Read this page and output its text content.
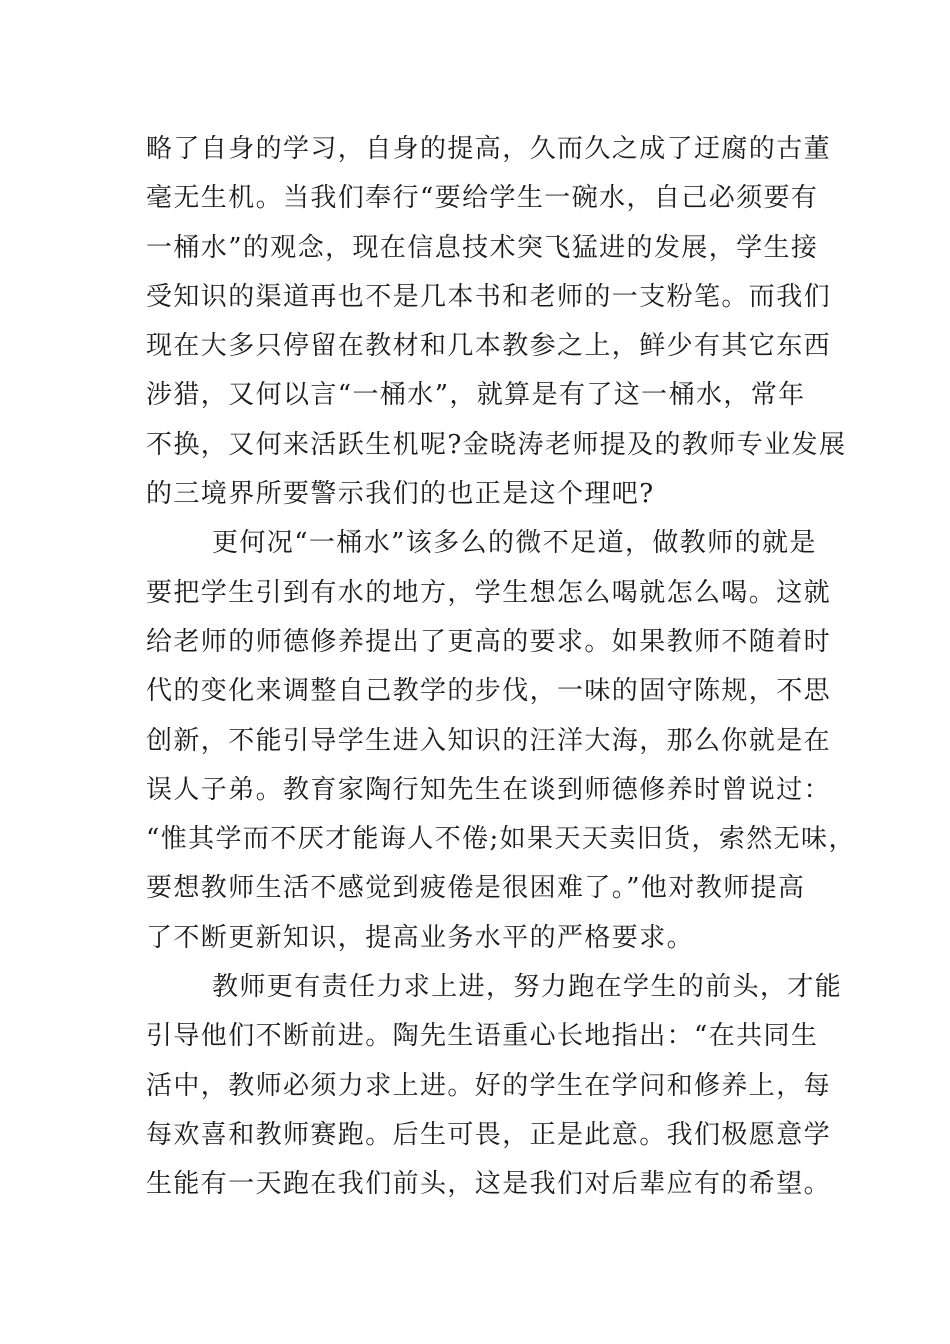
略了自身的学习，自身的提高，久而久之成了迂腐的古董
毫无生机。当我们奉行“要给学生一碗水，自己必须要有
一桶水”的观念，现在信息技术突飞猛进的发展，学生接
受知识的渠道再也不是几本书和老师的一支粉笔。而我们
现在大多只停留在教材和几本教参之上，鲜少有其它东西
涉猎，又何以言“一桶水”，就算是有了这一桶水，常年
不换，又何来活跃生机呢?金晓涛老师提及的教师专业发展
的三境界所要警示我们的也正是这个理吧?
更何况“一桶水”该多么的微不足道，做教师的就是
要把学生引到有水的地方，学生想怎么喝就怎么喝。这就
给老师的师德修养提出了更高的要求。如果教师不随着时
代的变化来调整自己教学的步伐，一味的固守陈规，不思
创新，不能引导学生进入知识的汪洋大海，那么你就是在
误人子弟。教育家陶行知先生在谈到师德修养时曾说过：
“惟其学而不厌才能诲人不倦;如果天天卖旧货，索然无味，
要想教师生活不感觉到疲倦是很困难了。”他对教师提高
了不断更新知识，提高业务水平的严格要求。
教师更有责任力求上进，努力跑在学生的前头，才能
引导他们不断前进。陶先生语重心长地指出：“在共同生
活中，教师必须力求上进。好的学生在学问和修养上，每
每欢喜和教师赛跑。后生可畏，正是此意。我们极愿意学
生能有一天跑在我们前头，这是我们对后辈应有的希望。
